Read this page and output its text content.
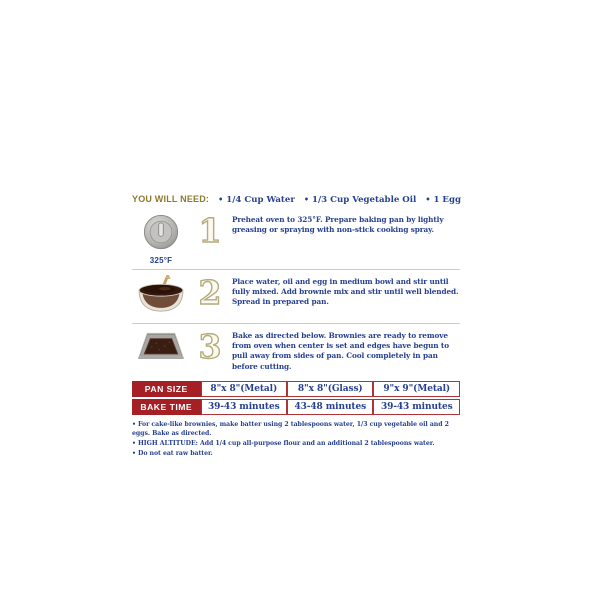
YOU WILL NEED: • 1/4 Cup Water • 1/3 Cup Vegetable Oil • 1 Egg
325°F
1	Preheat oven to 325°F. Prepare baking pan by lightly greasing or spraying with non-stick cooking spray.
2	Place water, oil and egg in medium bowl and stir until fully mixed. Add brownie mix and stir until well blended. Spread in prepared pan.
3	Bake as directed below. Brownies are ready to remove from oven when center is set and edges have begun to pull away from sides of pan. Cool completely in pan before cutting.
PAN SIZE	8"x 8"(Metal)	8"x 8"(Glass)	9"x 9"(Metal)
BAKE TIME	39-43 minutes	43-48 minutes	39-43 minutes
• For cake-like brownies, make batter using 2 tablespoons water, 1/3 cup vegetable oil and 2 eggs. Bake as directed.
• HIGH ALTITUDE: Add 1/4 cup all-purpose flour and an additional 2 tablespoons water.
• Do not eat raw batter.
